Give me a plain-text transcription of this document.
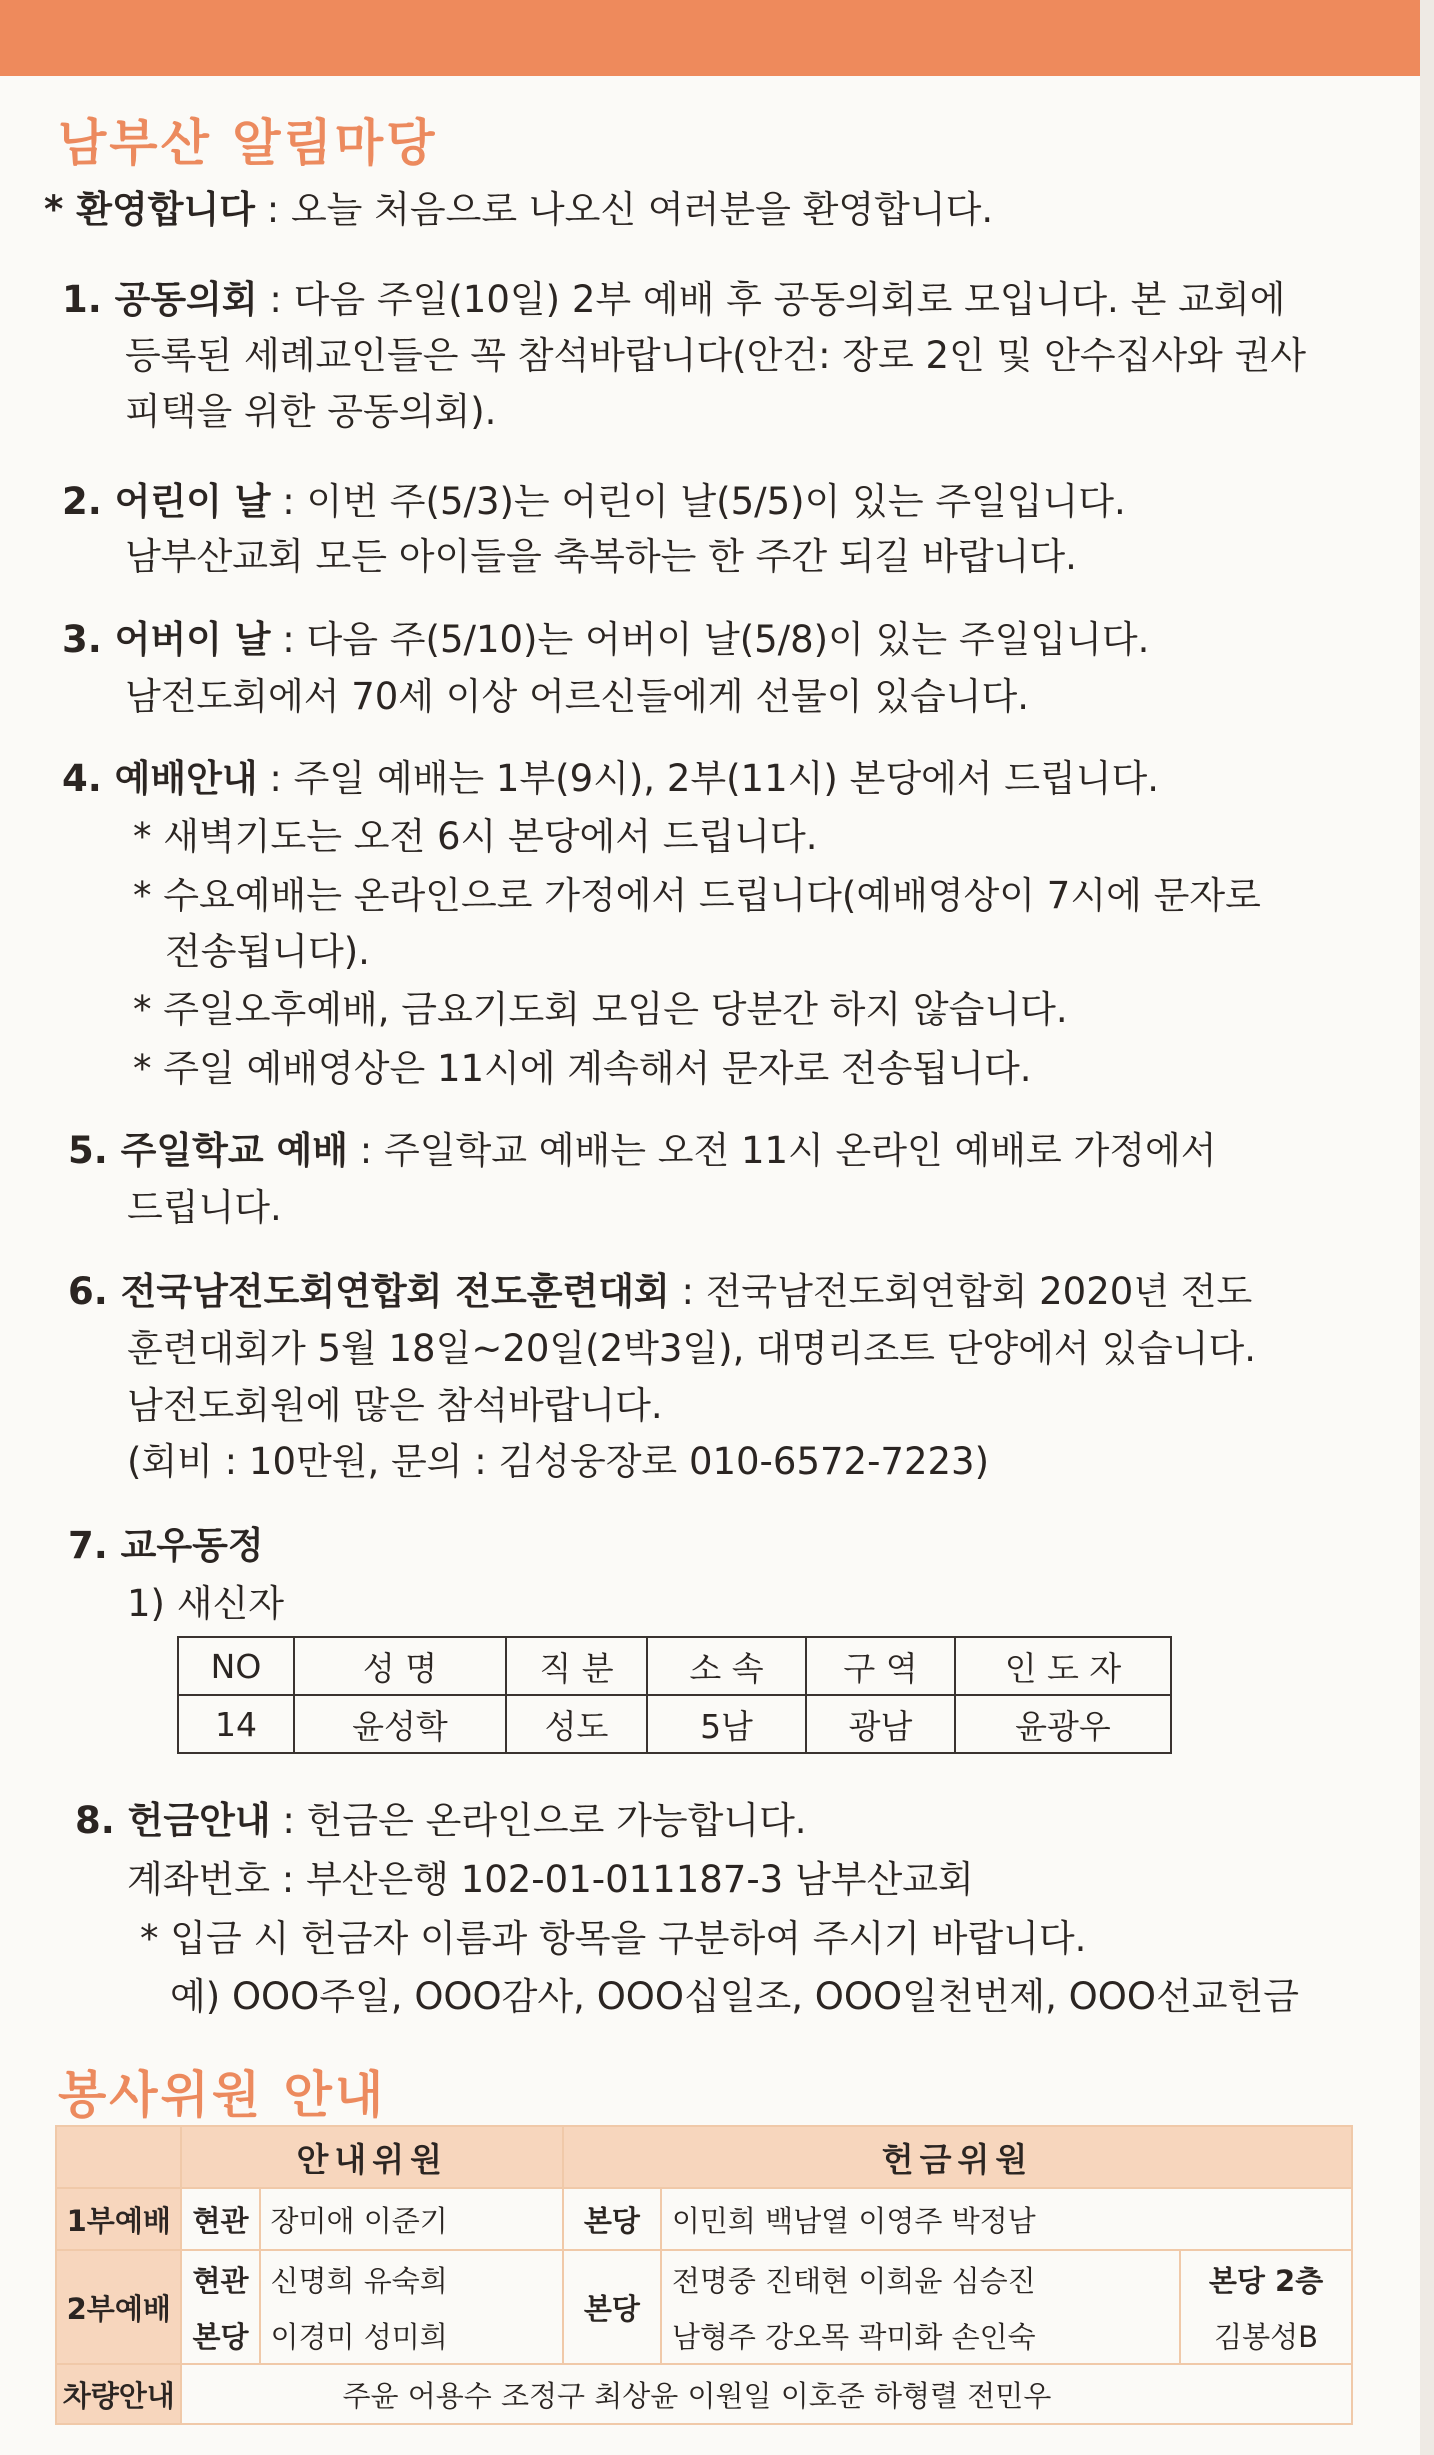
남부산 알림마당
* 환영합니다 : 오늘 처음으로 나오신 여러분을 환영합니다.
1. 공동의회 : 다음 주일(10일) 2부 예배 후 공동의회로 모입니다. 본 교회에
등록된 세례교인들은 꼭 참석바랍니다(안건: 장로 2인 및 안수집사와 권사
피택을 위한 공동의회).
2. 어린이 날 : 이번 주(5/3)는 어린이 날(5/5)이 있는 주일입니다.
남부산교회 모든 아이들을 축복하는 한 주간 되길 바랍니다.
3. 어버이 날 : 다음 주(5/10)는 어버이 날(5/8)이 있는 주일입니다.
남전도회에서 70세 이상 어르신들에게 선물이 있습니다.
4. 예배안내 : 주일 예배는 1부(9시), 2부(11시) 본당에서 드립니다.
* 새벽기도는 오전 6시 본당에서 드립니다.
* 수요예배는 온라인으로 가정에서 드립니다(예배영상이 7시에 문자로
전송됩니다).
* 주일오후예배, 금요기도회 모임은 당분간 하지 않습니다.
* 주일 예배영상은 11시에 계속해서 문자로 전송됩니다.
5. 주일학교 예배 : 주일학교 예배는 오전 11시 온라인 예배로 가정에서
드립니다.
6. 전국남전도회연합회 전도훈련대회 : 전국남전도회연합회 2020년 전도
훈련대회가 5월 18일~20일(2박3일), 대명리조트 단양에서 있습니다.
남전도회원에 많은 참석바랍니다.
(회비 : 10만원, 문의 : 김성웅장로 010-6572-7223)
7. 교우동정
1) 새신자
NO	성 명	직 분	소 속	구 역	인 도 자
14	윤성학	성도	5남	광남	윤광우
8. 헌금안내 : 헌금은 온라인으로 가능합니다.
계좌번호 : 부산은행 102-01-011187-3 남부산교회
* 입금 시 헌금자 이름과 항목을 구분하여 주시기 바랍니다.
예) OOO주일, OOO감사, OOO십일조, OOO일천번제, OOO선교헌금
봉사위원 안내
	안내위원		헌금위원		
1부예배	현관	장미애 이준기	본당	이민희 백남열 이영주 박정남	
2부예배	현관	신명희 유숙희	본당	전명중 진태현 이희윤 심승진	본당 2층
	본당	이경미 성미희		남형주 강오목 곽미화 손인숙	김봉성B
차량안내	주윤 어용수 조정구 최상윤 이원일 이호준 하형렬 전민우				
